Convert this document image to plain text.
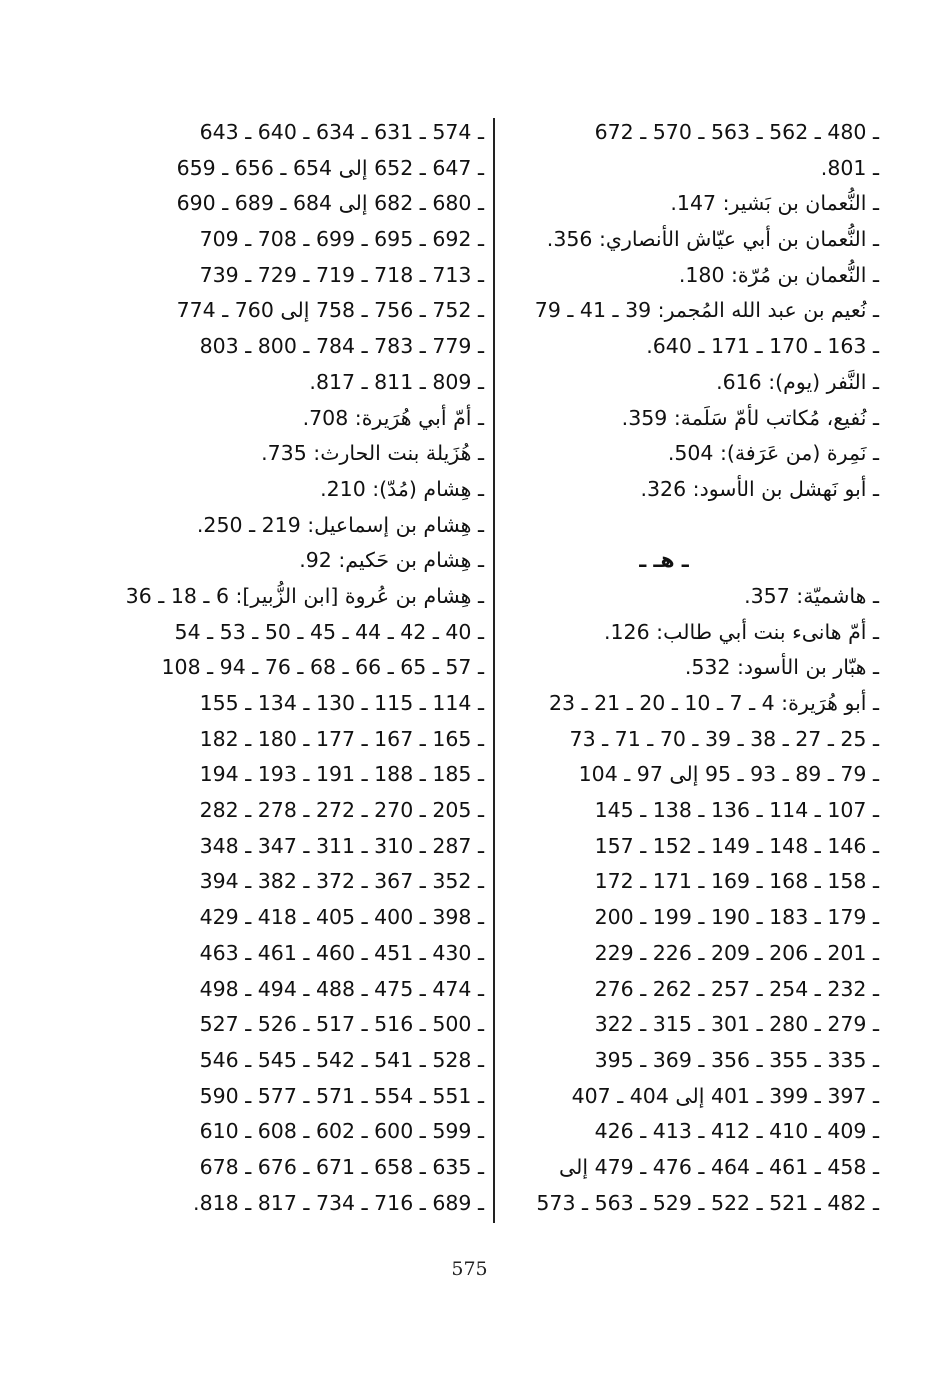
ـ 480 ـ 562 ـ 563 ـ 570 ـ 672
ـ 801.
ـ النُّعمان بن بَشير: 147.
ـ النُّعمان بن أبي عيّاش الأنصاري: 356.
ـ النُّعمان بن مُرّة: 180.
ـ نُعيم بن عبد الله المُجمر: 39 ـ 41 ـ 79
ـ 163 ـ 170 ـ 171 ـ 640.
ـ النَّفر (يوم): 616.
ـ نُفيع، مُكاتب لأمّ سَلَمة: 359.
ـ نَمِرة (من عَرَفة): 504.
ـ أبو نَهشل بن الأسود: 326.
ـ هـ ـ
ـ هاشميّة: 357.
ـ أمّ هانىء بنت أبي طالب: 126.
ـ هبّار بن الأسود: 532.
ـ أبو هُرَيرة: 4 ـ 7 ـ 10 ـ 20 ـ 21 ـ 23
ـ 25 ـ 27 ـ 38 ـ 39 ـ 70 ـ 71 ـ 73
ـ 79 ـ 89 ـ 93 ـ 95 إلى 97 ـ 104
ـ 107 ـ 114 ـ 136 ـ 138 ـ 145
ـ 146 ـ 148 ـ 149 ـ 152 ـ 157
ـ 158 ـ 168 ـ 169 ـ 171 ـ 172
ـ 179 ـ 183 ـ 190 ـ 199 ـ 200
ـ 201 ـ 206 ـ 209 ـ 226 ـ 229
ـ 232 ـ 254 ـ 257 ـ 262 ـ 276
ـ 279 ـ 280 ـ 301 ـ 315 ـ 322
ـ 335 ـ 355 ـ 356 ـ 369 ـ 395
ـ 397 ـ 399 ـ 401 إلى 404 ـ 407
ـ 409 ـ 410 ـ 412 ـ 413 ـ 426
ـ 458 ـ 461 ـ 464 ـ 476 ـ 479 إلى
ـ 482 ـ 521 ـ 522 ـ 529 ـ 563 ـ 573
ـ 574 ـ 631 ـ 634 ـ 640 ـ 643
ـ 647 ـ 652 إلى 654 ـ 656 ـ 659
ـ 680 ـ 682 إلى 684 ـ 689 ـ 690
ـ 692 ـ 695 ـ 699 ـ 708 ـ 709
ـ 713 ـ 718 ـ 719 ـ 729 ـ 739
ـ 752 ـ 756 ـ 758 إلى 760 ـ 774
ـ 779 ـ 783 ـ 784 ـ 800 ـ 803
ـ 809 ـ 811 ـ 817.
ـ أمّ أبي هُرَيرة: 708.
ـ هُزَيلة بنت الحارث: 735.
ـ هِشام (مُدّ): 210.
ـ هِشام بن إسماعيل: 219 ـ 250.
ـ هِشام بن حَكيم: 92.
ـ هِشام بن عُروة [ابن الزُّبير]: 6 ـ 18 ـ 36
ـ 40 ـ 42 ـ 44 ـ 45 ـ 50 ـ 53 ـ 54
ـ 57 ـ 65 ـ 66 ـ 68 ـ 76 ـ 94 ـ 108
ـ 114 ـ 115 ـ 130 ـ 134 ـ 155
ـ 165 ـ 167 ـ 177 ـ 180 ـ 182
ـ 185 ـ 188 ـ 191 ـ 193 ـ 194
ـ 205 ـ 270 ـ 272 ـ 278 ـ 282
ـ 287 ـ 310 ـ 311 ـ 347 ـ 348
ـ 352 ـ 367 ـ 372 ـ 382 ـ 394
ـ 398 ـ 400 ـ 405 ـ 418 ـ 429
ـ 430 ـ 451 ـ 460 ـ 461 ـ 463
ـ 474 ـ 475 ـ 488 ـ 494 ـ 498
ـ 500 ـ 516 ـ 517 ـ 526 ـ 527
ـ 528 ـ 541 ـ 542 ـ 545 ـ 546
ـ 551 ـ 554 ـ 571 ـ 577 ـ 590
ـ 599 ـ 600 ـ 602 ـ 608 ـ 610
ـ 635 ـ 658 ـ 671 ـ 676 ـ 678
ـ 689 ـ 716 ـ 734 ـ 817 ـ 818.
575
